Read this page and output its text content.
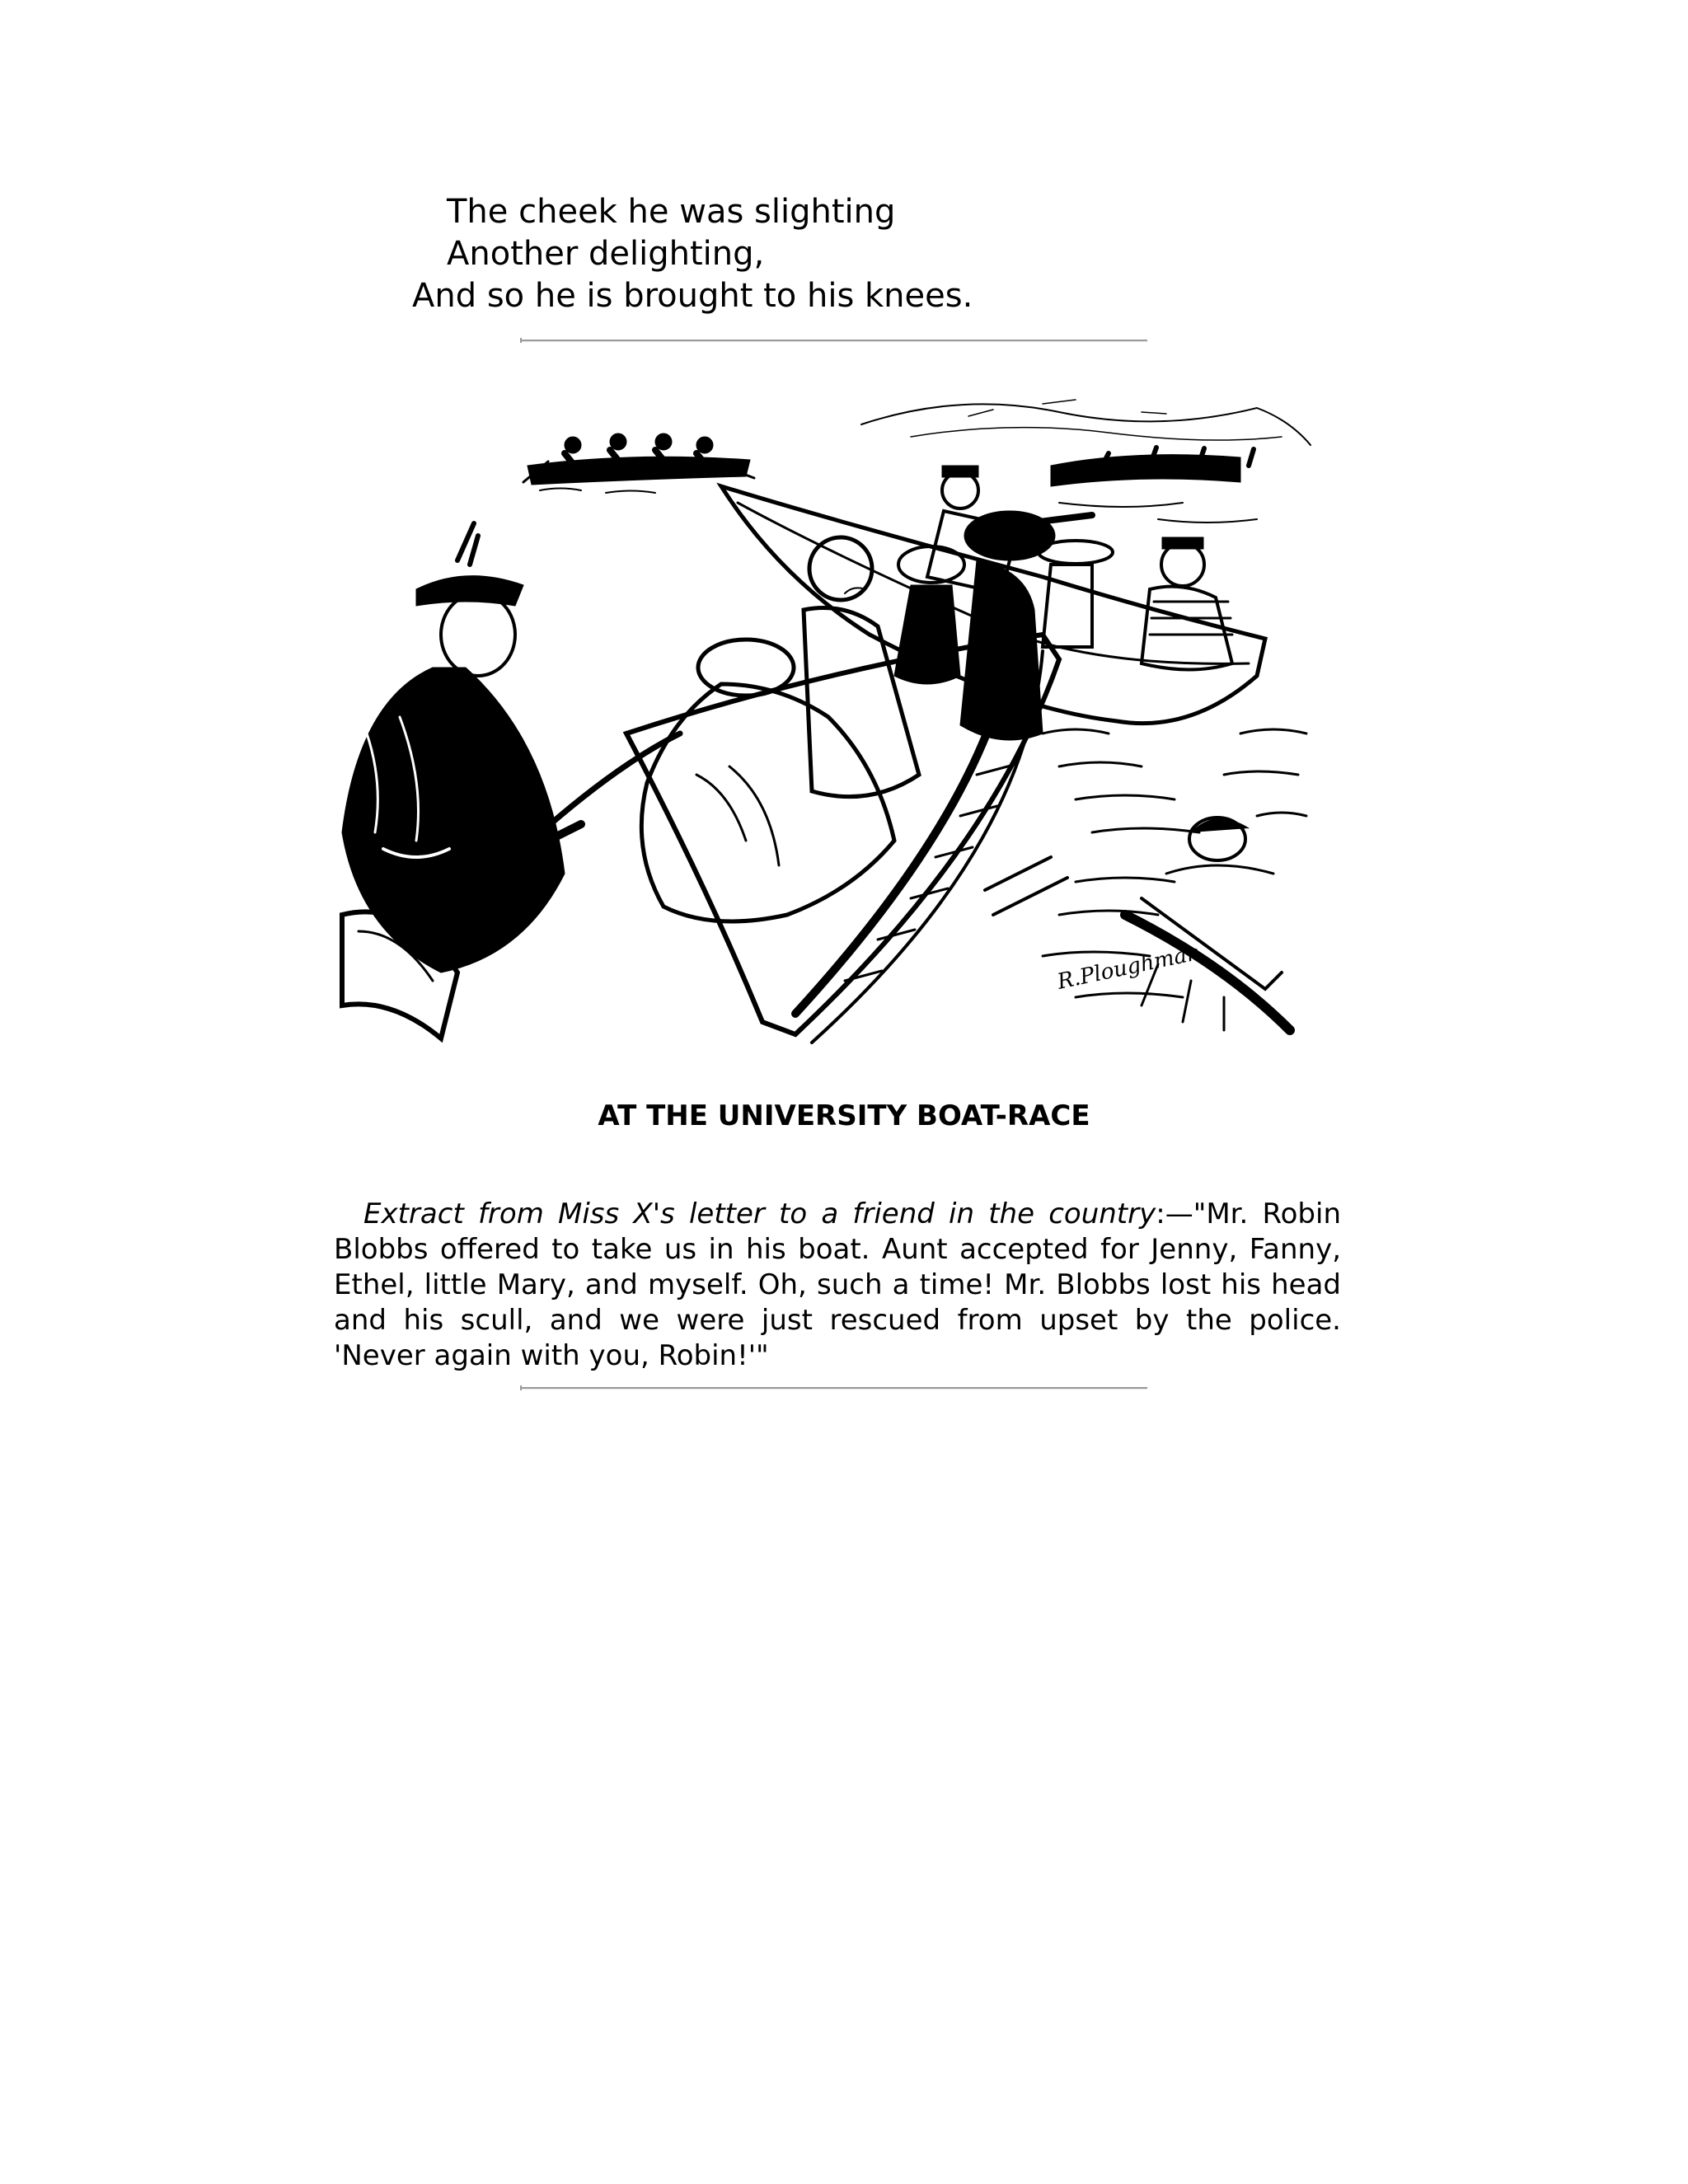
The cheek he was slighting
Another delighting,
And so he is brought to his knees.
R.Ploughman
AT THE UNIVERSITY BOAT-RACE

Extract from Miss X's letter to a friend in the country:—"Mr. Robin Blobbs offered to take us in his boat. Aunt accepted for Jenny, Fanny, Ethel, little Mary, and myself. Oh, such a time! Mr. Blobbs lost his head and his scull, and we were just rescued from upset by the police. 'Never again with you, Robin!'"
